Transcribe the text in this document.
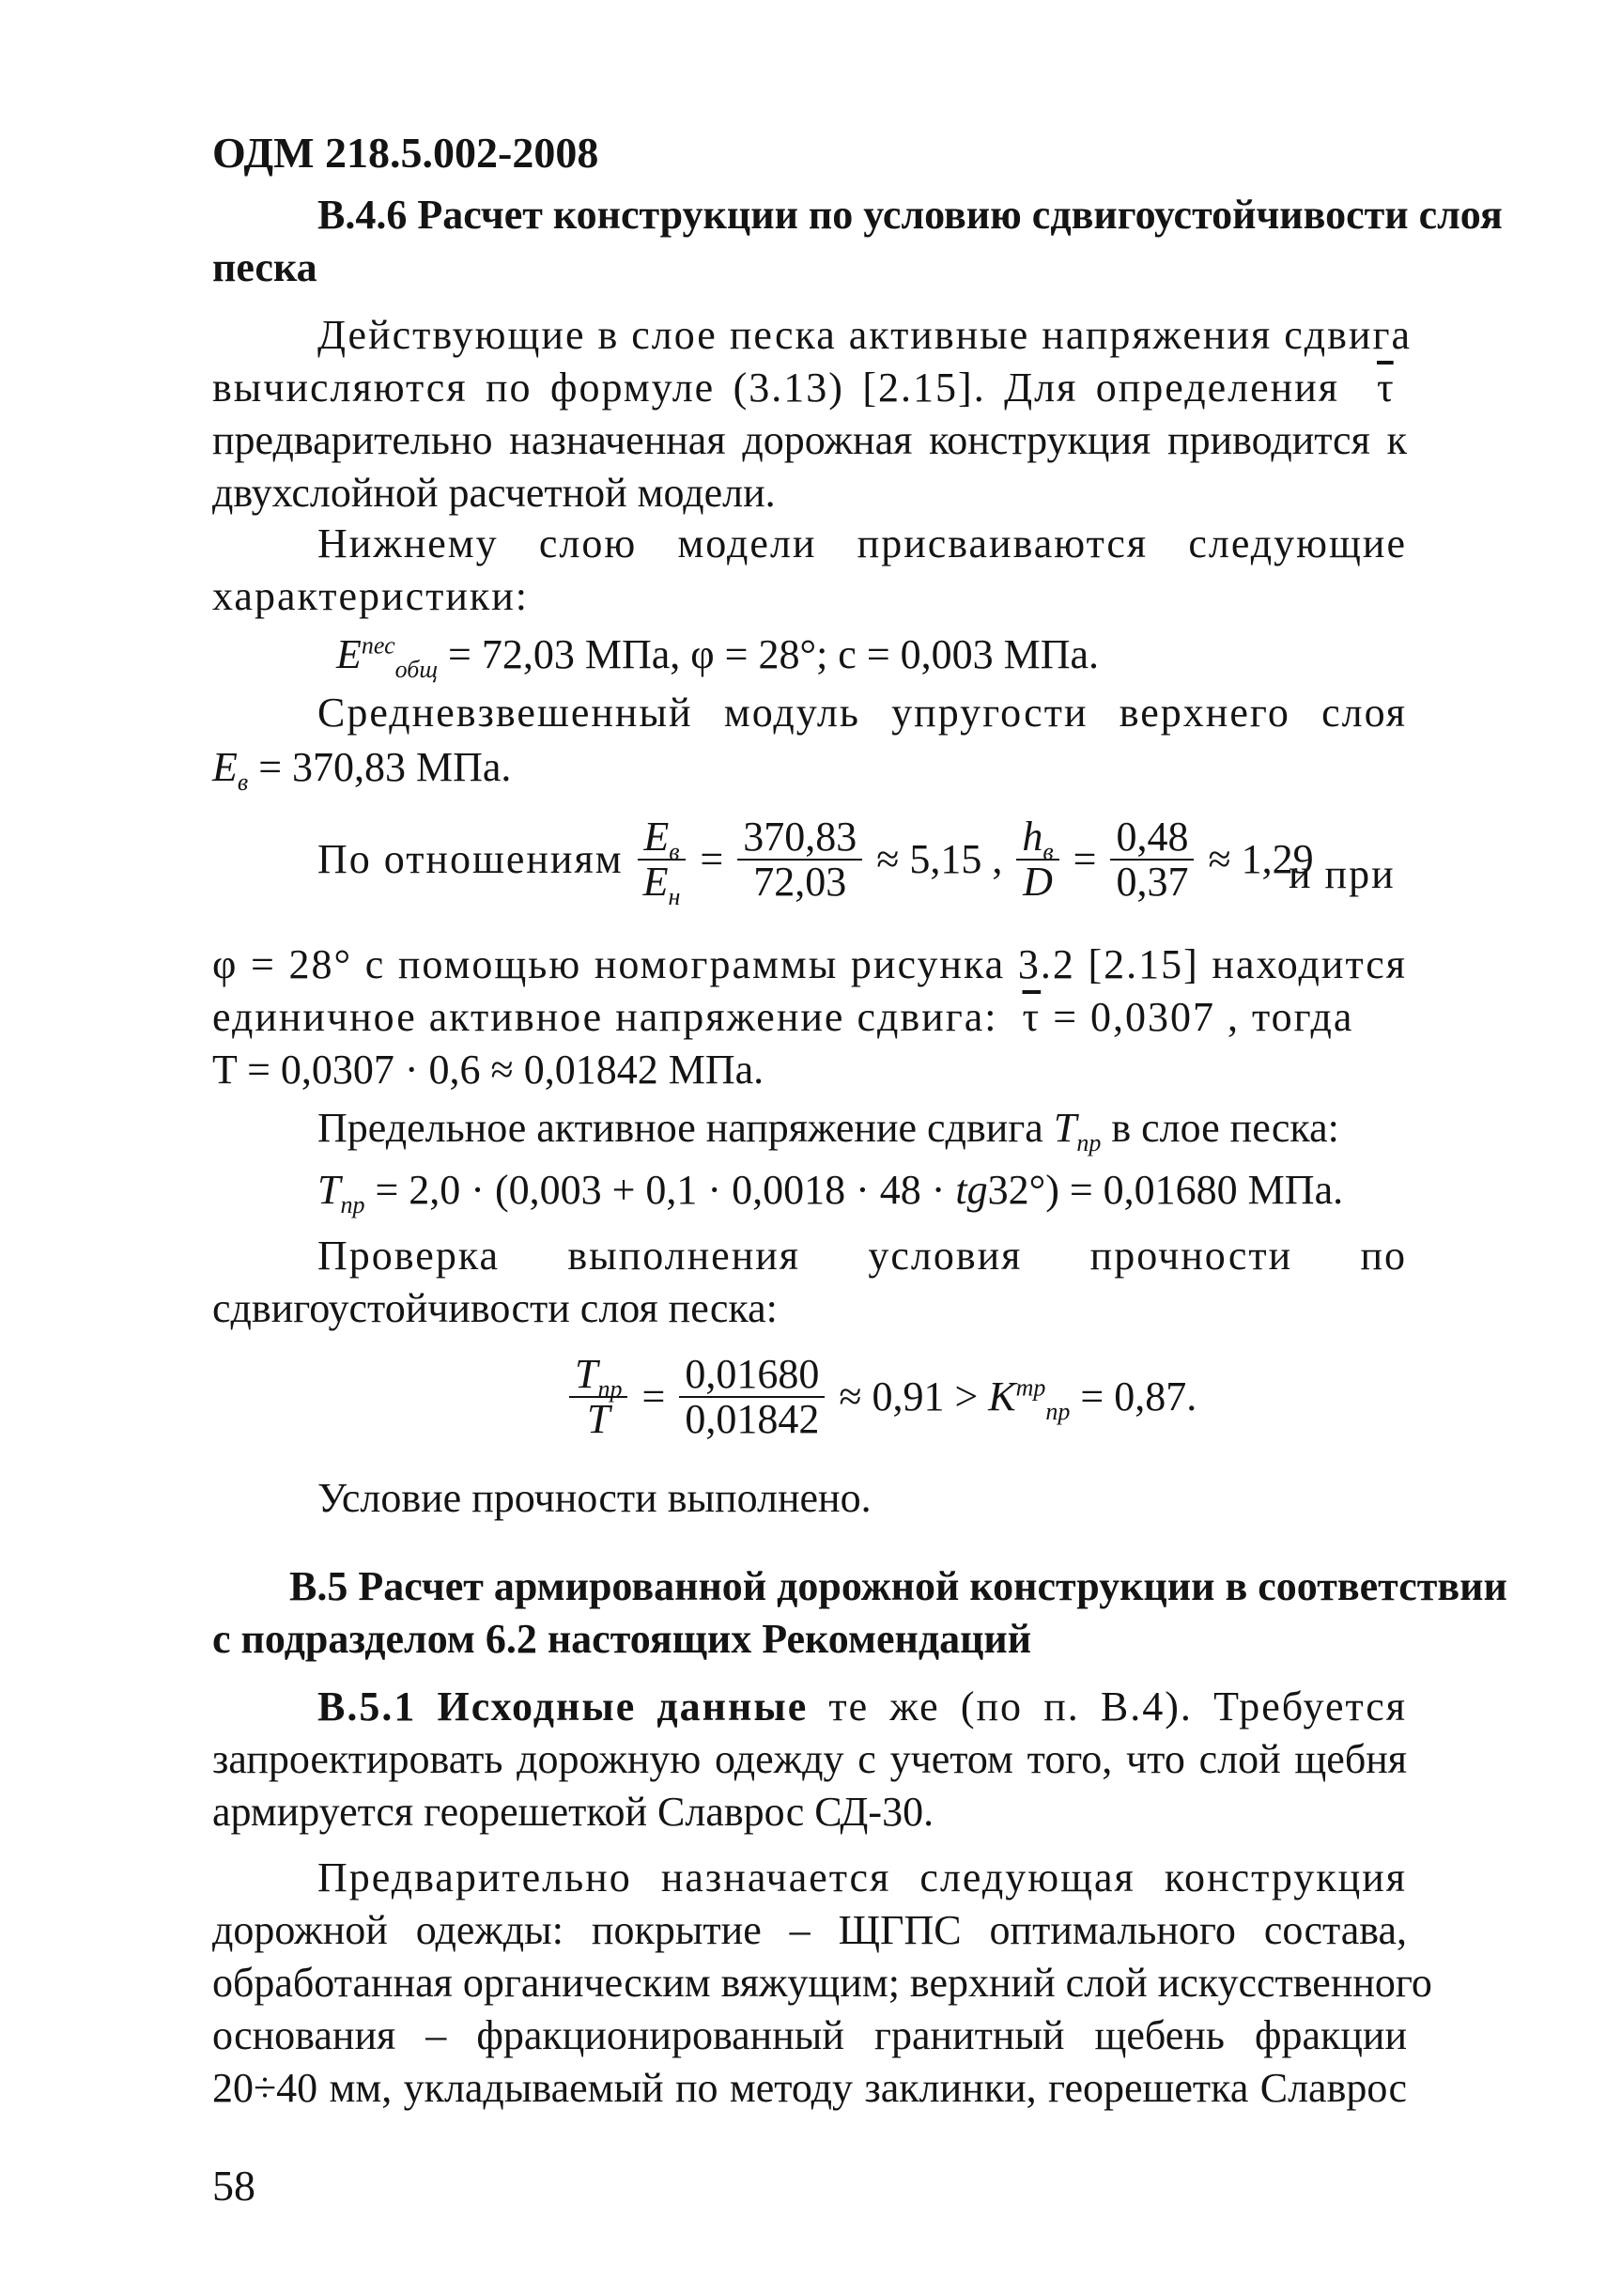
ОДМ 218.5.002-2008
В.4.6 Расчет конструкции по условию сдвигоустойчивости слоя
песка
Действующие в слое песка активные напряжения сдвига
вычисляются по формуле (3.13) [2.15]. Для определения $\overline{\tau}$
предварительно назначенная дорожная конструкция приводится к
двухслойной расчетной модели.
Нижнему слою модели присваиваются следующие
характеристики:
$E^{пес}_{общ} = 72,03$ МПа, φ = 28°; c = 0,003 МПа.
Средневзвешенный модуль упругости верхнего слоя
$E_в = 370,83$ МПа.
По отношениям $\frac{E_в}{E_н} = \frac{370,83}{72,03} \approx 5,15$ , $\frac{h_в}{D} = \frac{0,48}{0,37} \approx 1,29$
и при
φ = 28° с помощью номограммы рисунка 3.2 [2.15] находится
единичное активное напряжение сдвига: $\overline{\tau} = 0,0307$ , тогда
T = 0,0307 · 0,6 ≈ 0,01842 МПа.
Предельное активное напряжение сдвига $T_{пр}$ в слое песка:
$T_{пр} = 2,0 \cdot (0,003 + 0,1 \cdot 0,0018 \cdot 48 \cdot tg32^\circ) = 0,01680$ МПа.
Проверка выполнения условия прочности по
сдвигоустойчивости слоя песка:
$\frac{T_{пр}}{T} = \frac{0,01680}{0,01842} \approx 0,91 > K^{тр}_{пр} = 0,87$.
Условие прочности выполнено.
В.5 Расчет армированной дорожной конструкции в соответствии
с подразделом 6.2 настоящих Рекомендаций
В.5.1 Исходные данные те же (по п. В.4). Требуется
запроектировать дорожную одежду с учетом того, что слой щебня
армируется георешеткой Славрос СД-30.
Предварительно назначается следующая конструкция
дорожной одежды: покрытие – ЩГПС оптимального состава,
обработанная органическим вяжущим; верхний слой искусственного
основания – фракционированный гранитный щебень фракции
20÷40 мм, укладываемый по методу заклинки, георешетка Славрос
58
